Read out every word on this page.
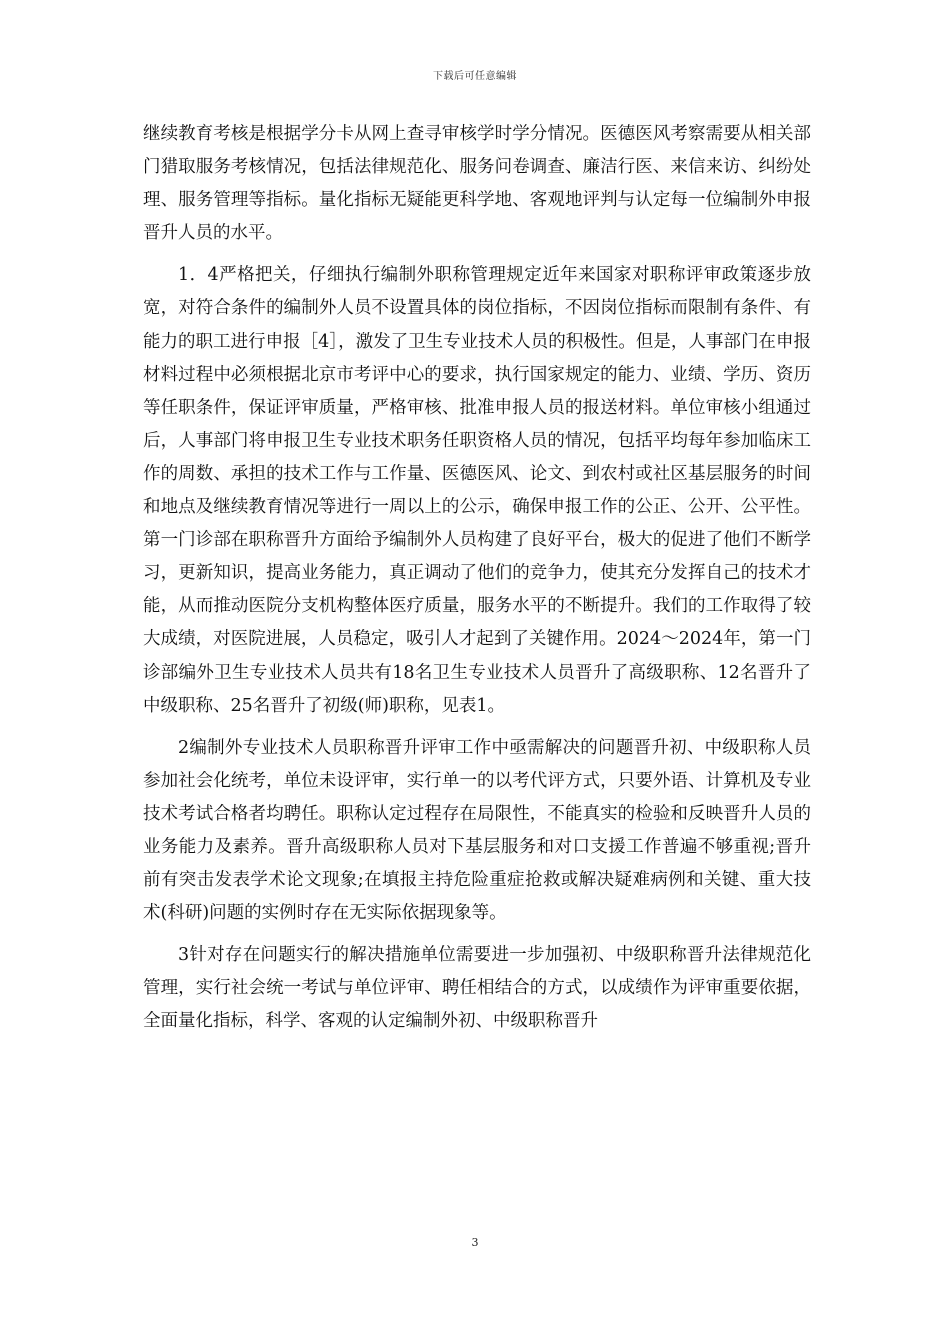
下载后可任意编辑

继续教育考核是根据学分卡从网上查寻审核学时学分情况。医德医风考察需要从相关部门猎取服务考核情况，包括法律规范化、服务问卷调查、廉洁行医、来信来访、纠纷处理、服务管理等指标。量化指标无疑能更科学地、客观地评判与认定每一位编制外申报晋升人员的水平。

1．4严格把关，仔细执行编制外职称管理规定近年来国家对职称评审政策逐步放宽，对符合条件的编制外人员不设置具体的岗位指标，不因岗位指标而限制有条件、有能力的职工进行申报［4］，激发了卫生专业技术人员的积极性。但是，人事部门在申报材料过程中必须根据北京市考评中心的要求，执行国家规定的能力、业绩、学历、资历等任职条件，保证评审质量，严格审核、批准申报人员的报送材料。单位审核小组通过后，人事部门将申报卫生专业技术职务任职资格人员的情况，包括平均每年参加临床工作的周数、承担的技术工作与工作量、医德医风、论文、到农村或社区基层服务的时间和地点及继续教育情况等进行一周以上的公示，确保申报工作的公正、公开、公平性。第一门诊部在职称晋升方面给予编制外人员构建了良好平台，极大的促进了他们不断学习，更新知识，提高业务能力，真正调动了他们的竞争力，使其充分发挥自己的技术才能，从而推动医院分支机构整体医疗质量，服务水平的不断提升。我们的工作取得了较大成绩，对医院进展，人员稳定，吸引人才起到了关键作用。2024～2024年，第一门诊部编外卫生专业技术人员共有18名卫生专业技术人员晋升了高级职称、12名晋升了中级职称、25名晋升了初级(师)职称，见表1。

2编制外专业技术人员职称晋升评审工作中亟需解决的问题晋升初、中级职称人员参加社会化统考，单位未设评审，实行单一的以考代评方式，只要外语、计算机及专业技术考试合格者均聘任。职称认定过程存在局限性，不能真实的检验和反映晋升人员的业务能力及素养。晋升高级职称人员对下基层服务和对口支援工作普遍不够重视;晋升前有突击发表学术论文现象;在填报主持危险重症抢救或解决疑难病例和关键、重大技术(科研)问题的实例时存在无实际依据现象等。

3针对存在问题实行的解决措施单位需要进一步加强初、中级职称晋升法律规范化管理，实行社会统一考试与单位评审、聘任相结合的方式，以成绩作为评审重要依据，全面量化指标，科学、客观的认定编制外初、中级职称晋升

3
